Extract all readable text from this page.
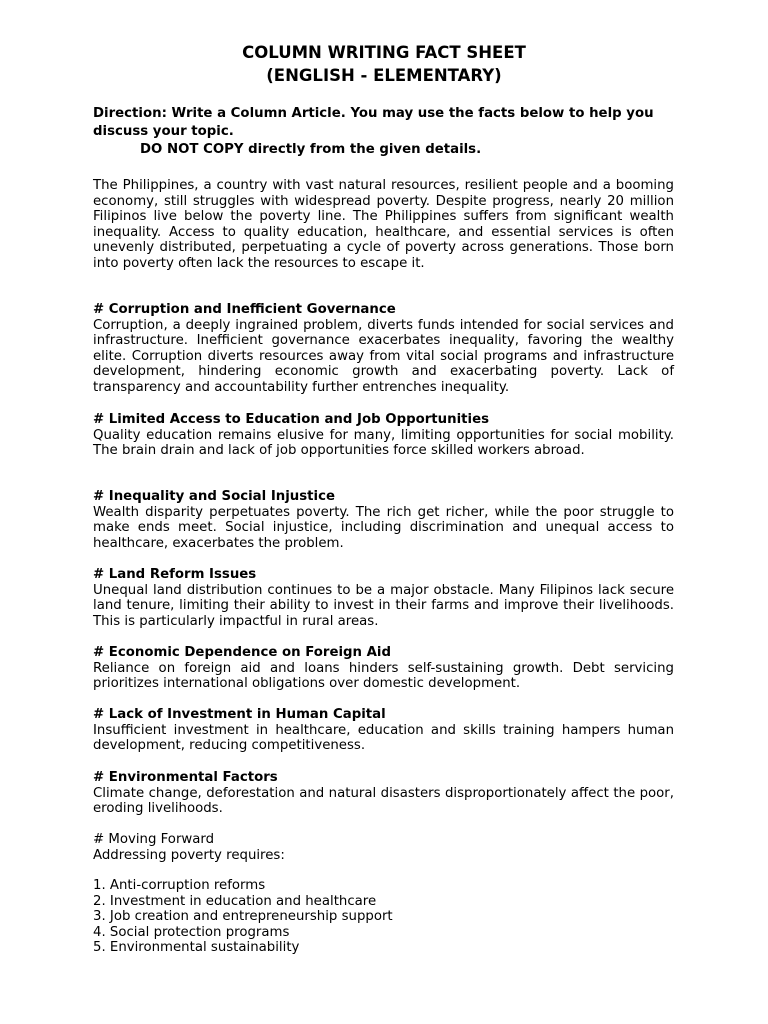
COLUMN WRITING FACT SHEET
(ENGLISH - ELEMENTARY)

Direction: Write a Column Article. You may use the facts below to help you discuss your topic.

DO NOT COPY directly from the given details.

The Philippines, a country with vast natural resources, resilient people and a booming economy, still struggles with widespread poverty. Despite progress, nearly 20 million Filipinos live below the poverty line. The Philippines suffers from significant wealth inequality. Access to quality education, healthcare, and essential services is often unevenly distributed, perpetuating a cycle of poverty across generations. Those born into poverty often lack the resources to escape it.

# Corruption and Inefficient Governance
Corruption, a deeply ingrained problem, diverts funds intended for social services and infrastructure. Inefficient governance exacerbates inequality, favoring the wealthy elite. Corruption diverts resources away from vital social programs and infrastructure development, hindering economic growth and exacerbating poverty. Lack of transparency and accountability further entrenches inequality.
# Limited Access to Education and Job Opportunities
Quality education remains elusive for many, limiting opportunities for social mobility. The brain drain and lack of job opportunities force skilled workers abroad.
# Inequality and Social Injustice
Wealth disparity perpetuates poverty. The rich get richer, while the poor struggle to make ends meet. Social injustice, including discrimination and unequal access to healthcare, exacerbates the problem.
# Land Reform Issues
Unequal land distribution continues to be a major obstacle. Many Filipinos lack secure land tenure, limiting their ability to invest in their farms and improve their livelihoods. This is particularly impactful in rural areas.
# Economic Dependence on Foreign Aid
Reliance on foreign aid and loans hinders self-sustaining growth. Debt servicing prioritizes international obligations over domestic development.
# Lack of Investment in Human Capital
Insufficient investment in healthcare, education and skills training hampers human development, reducing competitiveness.
# Environmental Factors
Climate change, deforestation and natural disasters disproportionately affect the poor, eroding livelihoods.
# Moving Forward
Addressing poverty requires:
1. Anti-corruption reforms
2. Investment in education and healthcare
3. Job creation and entrepreneurship support
4. Social protection programs
5. Environmental sustainability
